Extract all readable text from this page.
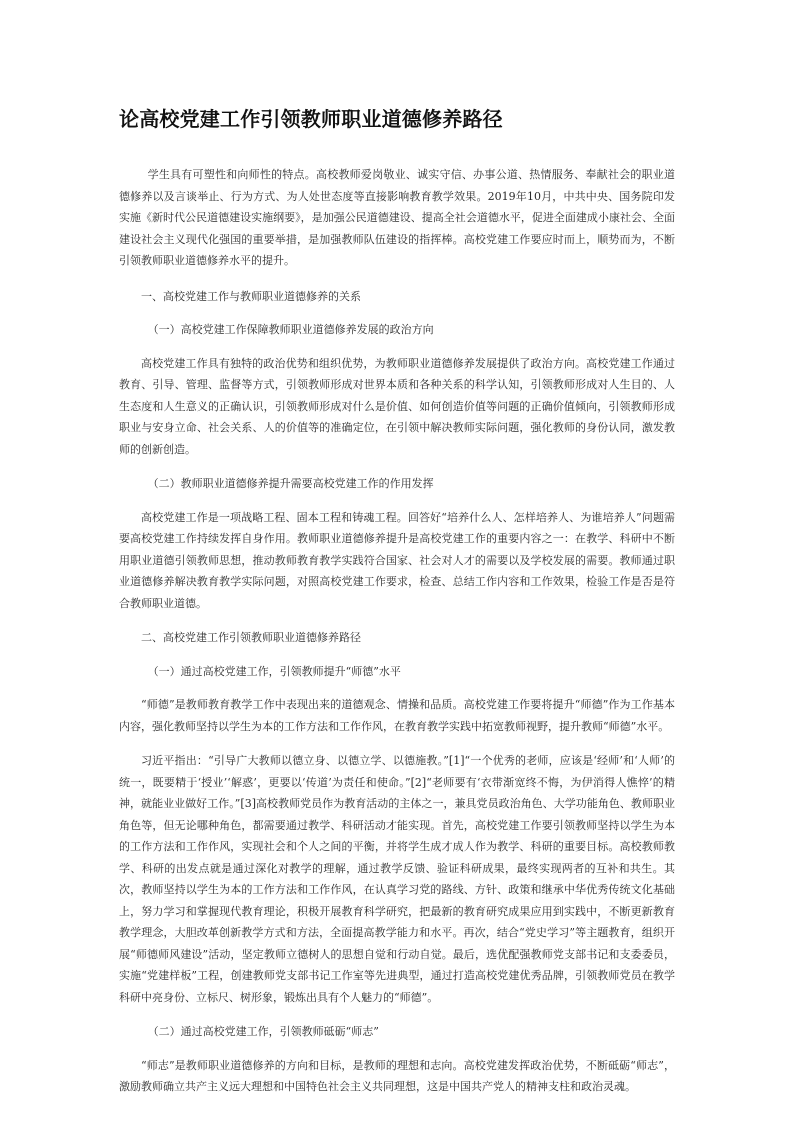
论高校党建工作引领教师职业道德修养路径

学生具有可塑性和向师性的特点。高校教师爱岗敬业、诚实守信、办事公道、热情服务、奉献社会的职业道德修养以及言谈举止、行为方式、为人处世态度等直接影响教育教学效果。2019年10月，中共中央、国务院印发实施《新时代公民道德建设实施纲要》，是加强公民道德建设、提高全社会道德水平，促进全面建成小康社会、全面建设社会主义现代化强国的重要举措，是加强教师队伍建设的指挥棒。高校党建工作要应时而上，顺势而为，不断引领教师职业道德修养水平的提升。

一、高校党建工作与教师职业道德修养的关系

（一）高校党建工作保障教师职业道德修养发展的政治方向

高校党建工作具有独特的政治优势和组织优势，为教师职业道德修养发展提供了政治方向。高校党建工作通过教育、引导、管理、监督等方式，引领教师形成对世界本质和各种关系的科学认知，引领教师形成对人生目的、人生态度和人生意义的正确认识，引领教师形成对什么是价值、如何创造价值等问题的正确价值倾向，引领教师形成职业与安身立命、社会关系、人的价值等的准确定位，在引领中解决教师实际问题，强化教师的身份认同，激发教师的创新创造。

（二）教师职业道德修养提升需要高校党建工作的作用发挥

高校党建工作是一项战略工程、固本工程和铸魂工程。回答好“培养什么人、怎样培养人、为谁培养人”问题需要高校党建工作持续发挥自身作用。教师职业道德修养提升是高校党建工作的重要内容之一：在教学、科研中不断用职业道德引领教师思想，推动教师教育教学实践符合国家、社会对人才的需要以及学校发展的需要。教师通过职业道德修养解决教育教学实际问题，对照高校党建工作要求，检查、总结工作内容和工作效果，检验工作是否是符合教师职业道德。

二、高校党建工作引领教师职业道德修养路径

（一）通过高校党建工作，引领教师提升“师德”水平

“师德”是教师教育教学工作中表现出来的道德观念、情操和品质。高校党建工作要将提升“师德”作为工作基本内容，强化教师坚持以学生为本的工作方法和工作作风，在教育教学实践中拓宽教师视野，提升教师“师德”水平。

习近平指出：“引导广大教师以德立身、以德立学、以德施教。”[1]“一个优秀的老师，应该是‘经师’和‘人师’的统一，既要精于‘授业’‘解惑’，更要以‘传道’为责任和使命。”[2]“老师要有‘衣带渐宽终不悔，为伊消得人憔悴’的精神，就能业业做好工作。”[3]高校教师党员作为教育活动的主体之一，兼具党员政治角色、大学功能角色、教师职业角色等，但无论哪种角色，都需要通过教学、科研活动才能实现。首先，高校党建工作要引领教师坚持以学生为本的工作方法和工作作风，实现社会和个人之间的平衡，并将学生成才成人作为教学、科研的重要目标。高校教师教学、科研的出发点就是通过深化对教学的理解，通过教学反馈、验证科研成果，最终实现两者的互补和共生。其次，教师坚持以学生为本的工作方法和工作作风，在认真学习党的路线、方针、政策和继承中华优秀传统文化基础上，努力学习和掌握现代教育理论，积极开展教育科学研究，把最新的教育研究成果应用到实践中，不断更新教育教学理念，大胆改革创新教学方式和方法，全面提高教学能力和水平。再次，结合“党史学习”等主题教育，组织开展“师德师风建设”活动，坚定教师立德树人的思想自觉和行动自觉。最后，选优配强教师党支部书记和支委委员，实施“党建样板”工程，创建教师党支部书记工作室等先进典型，通过打造高校党建优秀品牌，引领教师党员在教学科研中亮身份、立标尺、树形象，锻炼出具有个人魅力的“师德”。

（二）通过高校党建工作，引领教师砥砺“师志”

“师志”是教师职业道德修养的方向和目标，是教师的理想和志向。高校党建发挥政治优势，不断砥砺“师志”，激励教师确立共产主义远大理想和中国特色社会主义共同理想，这是中国共产党人的精神支柱和政治灵魂。
